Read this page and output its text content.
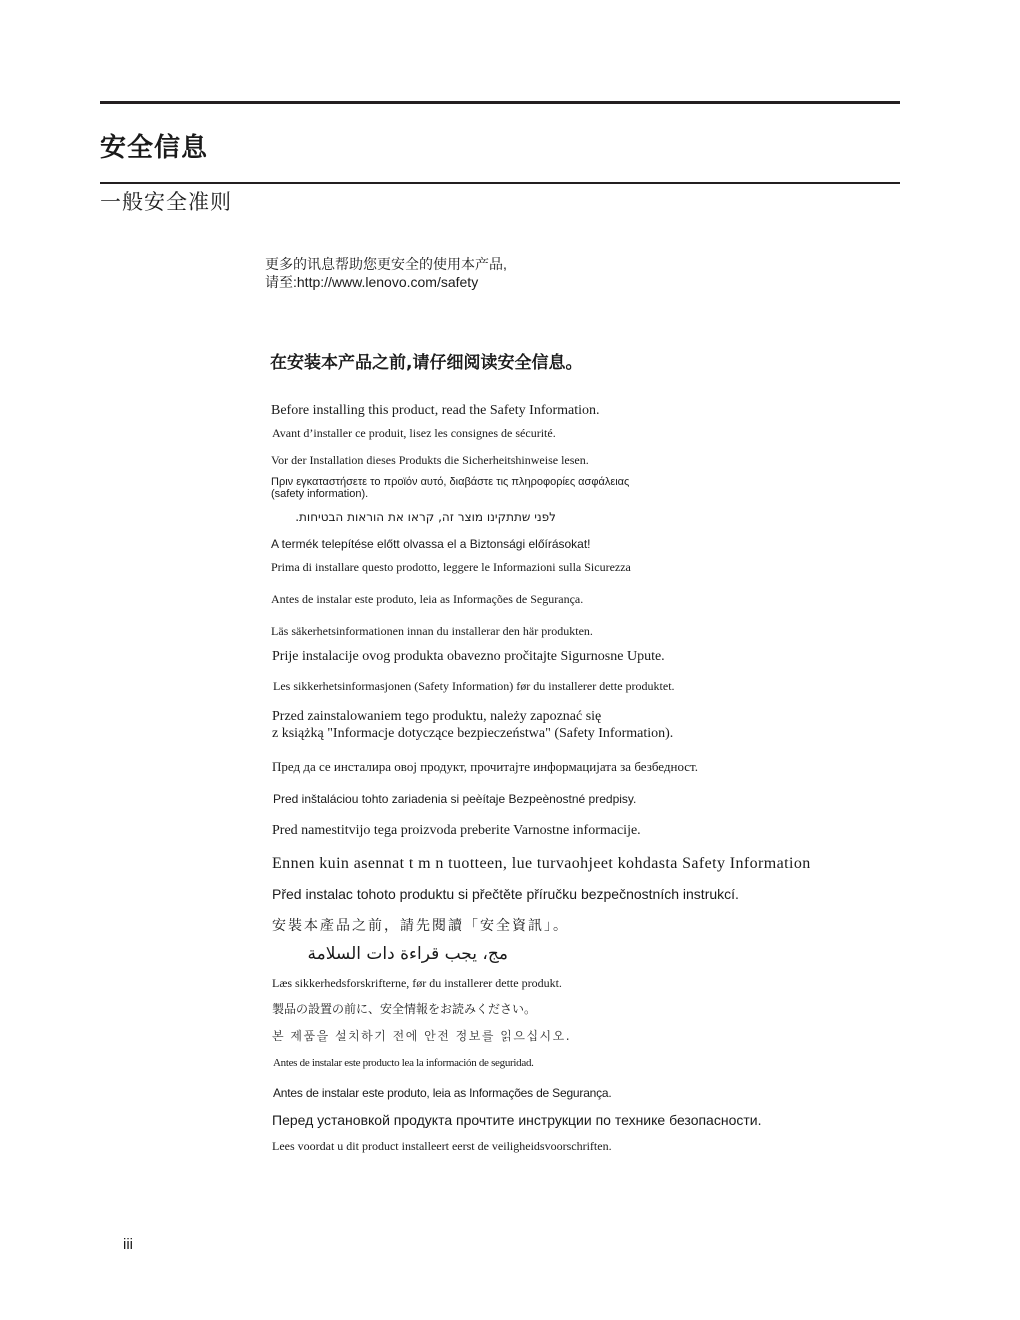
安全信息
一般安全准则
更多的讯息帮助您更安全的使用本产品,
请至:http://www.lenovo.com/safety
在安装本产品之前,请仔细阅读安全信息。
Before installing this product, read the Safety Information.
Avant d’installer ce produit, lisez les consignes de sécurité.
Vor der Installation dieses Produkts die Sicherheitshinweise lesen.
Πριν εγκαταστήσετε το προϊόν αυτό, διαβάστε τις πληροφορίες ασφάλειας
(safety information).
לפני שתתקינו מוצר זה, קראו את הוראות הבטיחות.
A termék telepítése előtt olvassa el a Biztonsági előírásokat!
Prima di installare questo prodotto, leggere le Informazioni sulla Sicurezza
Antes de instalar este produto, leia as Informações de Segurança.
Läs säkerhetsinformationen innan du installerar den här produkten.
Prije instalacije ovog produkta obavezno pročitajte Sigurnosne Upute.
Les sikkerhetsinformasjonen (Safety Information) før du installerer dette produktet.
Przed zainstalowaniem tego produktu, należy zapoznać się
z książką "Informacje dotyczące bezpieczeństwa" (Safety Information).
Пред да се инсталира овој продукт, прочитајте информацијата за безбедност.
Pred inštaláciou tohto zariadenia si peèítaje Bezpeènostné predpisy.
Pred namestitvijo tega proizvoda preberite Varnostne informacije.
Ennen kuin asennat t m n tuotteen, lue turvaohjeet kohdasta Safety Information
Před instalac tohoto produktu si přečtěte příručku bezpečnostních instrukcí.
安裝本產品之前，請先閱讀「安全資訊」。
مج، يجب قراءة دات السلامة
Læs sikkerhedsforskrifterne, før du installerer dette produkt.
製品の設置の前に、安全情報をお読みください。
본 제품을 설치하기 전에 안전 정보를 읽으십시오.
Antes de instalar este producto lea la información de seguridad.
Antes de instalar este produto, leia as Informações de Segurança.
Перед установкой продукта прочтите инструкции по технике безопасности.
Lees voordat u dit product installeert eerst de veiligheidsvoorschriften.
iii
